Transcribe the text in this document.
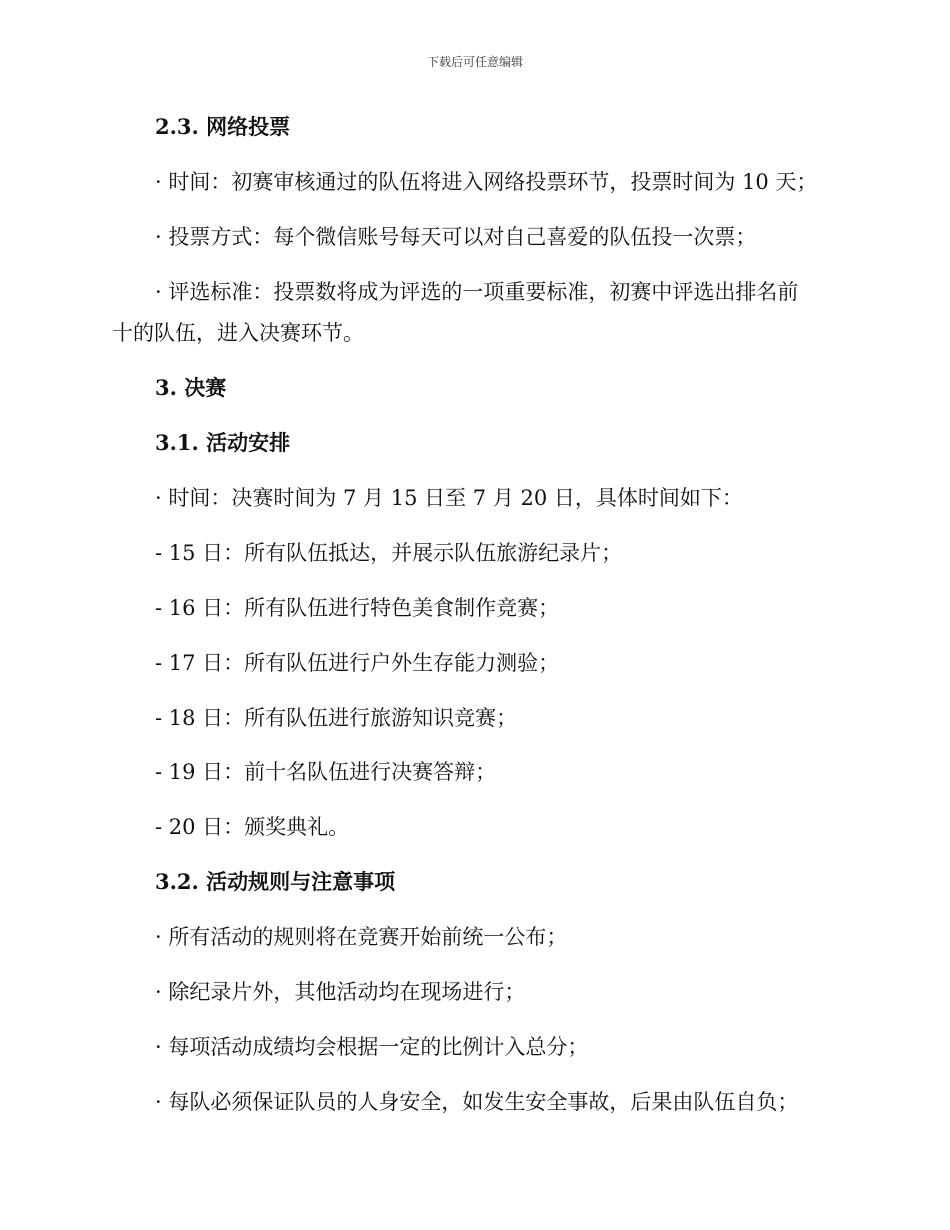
下载后可任意编辑
2.3. 网络投票
· 时间：初赛审核通过的队伍将进入网络投票环节，投票时间为 10 天；
· 投票方式：每个微信账号每天可以对自己喜爱的队伍投一次票；
· 评选标准：投票数将成为评选的一项重要标准，初赛中评选出排名前
十的队伍，进入决赛环节。
3. 决赛
3.1. 活动安排
· 时间：决赛时间为 7 月 15 日至 7 月 20 日，具体时间如下：
- 15 日：所有队伍抵达，并展示队伍旅游纪录片；
- 16 日：所有队伍进行特色美食制作竞赛；
- 17 日：所有队伍进行户外生存能力测验；
- 18 日：所有队伍进行旅游知识竞赛；
- 19 日：前十名队伍进行决赛答辩；
- 20 日：颁奖典礼。
3.2. 活动规则与注意事项
· 所有活动的规则将在竞赛开始前统一公布；
· 除纪录片外，其他活动均在现场进行；
· 每项活动成绩均会根据一定的比例计入总分；
· 每队必须保证队员的人身安全，如发生安全事故，后果由队伍自负；
